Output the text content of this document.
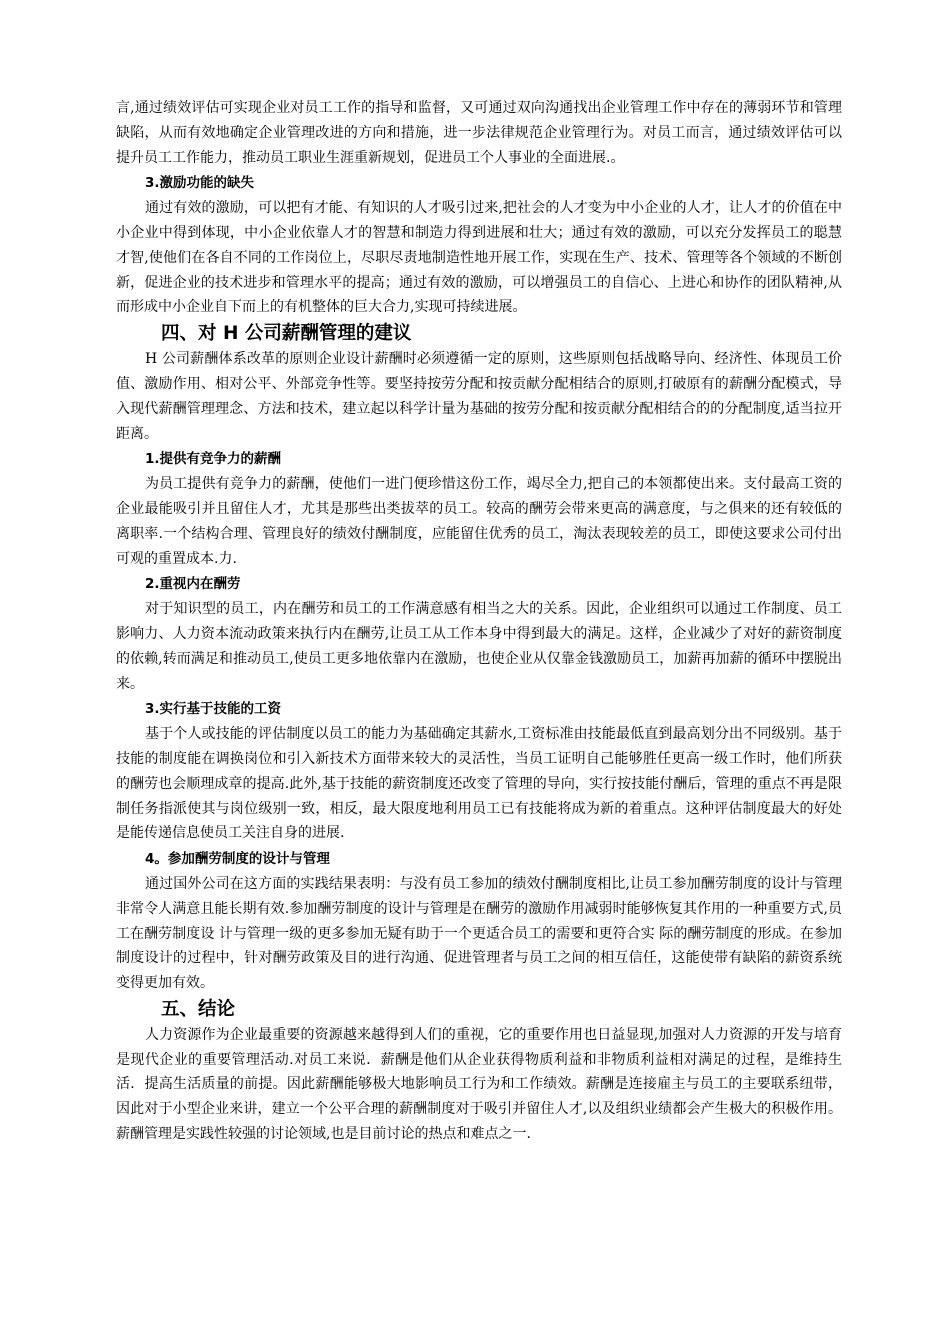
言,通过绩效评估可实现企业对员工工作的指导和监督，又可通过双向沟通找出企业管理工作中存在的薄弱环节和管理缺陷，从而有效地确定企业管理改进的方向和措施，进一步法律规范企业管理行为。对员工而言，通过绩效评估可以提升员工工作能力，推动员工职业生涯重新规划，促进员工个人事业的全面进展.。

3.激励功能的缺失

通过有效的激励，可以把有才能、有知识的人才吸引过来,把社会的人才变为中小企业的人才，让人才的价值在中小企业中得到体现，中小企业依靠人才的智慧和制造力得到进展和壮大；通过有效的激励，可以充分发挥员工的聪慧才智,使他们在各自不同的工作岗位上，尽职尽责地制造性地开展工作，实现在生产、技术、管理等各个领域的不断创新，促进企业的技术进步和管理水平的提高；通过有效的激励，可以增强员工的自信心、上进心和协作的团队精神,从而形成中小企业自下而上的有机整体的巨大合力,实现可持续进展。

四、对 H 公司薪酬管理的建议

H 公司薪酬体系改革的原则企业设计薪酬时必须遵循一定的原则，这些原则包括战略导向、经济性、体现员工价值、激励作用、相对公平、外部竞争性等。要坚持按劳分配和按贡献分配相结合的原则,打破原有的薪酬分配模式，导入现代薪酬管理理念、方法和技术，建立起以科学计量为基础的按劳分配和按贡献分配相结合的的分配制度,适当拉开距离。

1.提供有竞争力的薪酬

为员工提供有竞争力的薪酬，使他们一进门便珍惜这份工作，竭尽全力,把自己的本领都使出来。支付最高工资的企业最能吸引并且留住人才，尤其是那些出类拔萃的员工。较高的酬劳会带来更高的满意度，与之俱来的还有较低的离职率.一个结构合理、管理良好的绩效付酬制度，应能留住优秀的员工，淘汰表现较差的员工，即使这要求公司付出可观的重置成本.力.

2.重视内在酬劳

对于知识型的员工，内在酬劳和员工的工作满意感有相当之大的关系。因此，企业组织可以通过工作制度、员工影响力、人力资本流动政策来执行内在酬劳,让员工从工作本身中得到最大的满足。这样，企业减少了对好的薪资制度的依赖,转而满足和推动员工,使员工更多地依靠内在激励，也使企业从仅靠金钱激励员工，加薪再加薪的循环中摆脱出来。

3.实行基于技能的工资

基于个人或技能的评估制度以员工的能力为基础确定其薪水,工资标准由技能最低直到最高划分出不同级别。基于技能的制度能在调换岗位和引入新技术方面带来较大的灵活性，当员工证明自己能够胜任更高一级工作时，他们所获的酬劳也会顺理成章的提高.此外,基于技能的薪资制度还改变了管理的导向，实行按技能付酬后，管理的重点不再是限制任务指派使其与岗位级别一致，相反，最大限度地利用员工已有技能将成为新的着重点。这种评估制度最大的好处是能传递信息使员工关注自身的进展.

4。参加酬劳制度的设计与管理

通过国外公司在这方面的实践结果表明：与没有员工参加的绩效付酬制度相比,让员工参加酬劳制度的设计与管理非常令人满意且能长期有效.参加酬劳制度的设计与管理是在酬劳的激励作用减弱时能够恢复其作用的一种重要方式,员工在酬劳制度设 计与管理一级的更多参加无疑有助于一个更适合员工的需要和更符合实 际的酬劳制度的形成。在参加制度设计的过程中，针对酬劳政策及目的进行沟通、促进管理者与员工之间的相互信任，这能使带有缺陷的薪资系统变得更加有效。

五、结论

人力资源作为企业最重要的资源越来越得到人们的重视，它的重要作用也日益显现,加强对人力资源的开发与培育是现代企业的重要管理活动.对员工来说．薪酬是他们从企业获得物质利益和非物质利益相对满足的过程，是维持生活．提高生活质量的前提。因此薪酬能够极大地影响员工行为和工作绩效。薪酬是连接雇主与员工的主要联系纽带，因此对于小型企业来讲，建立一个公平合理的薪酬制度对于吸引并留住人才,以及组织业绩都会产生极大的积极作用。薪酬管理是实践性较强的讨论领域,也是目前讨论的热点和难点之一.
